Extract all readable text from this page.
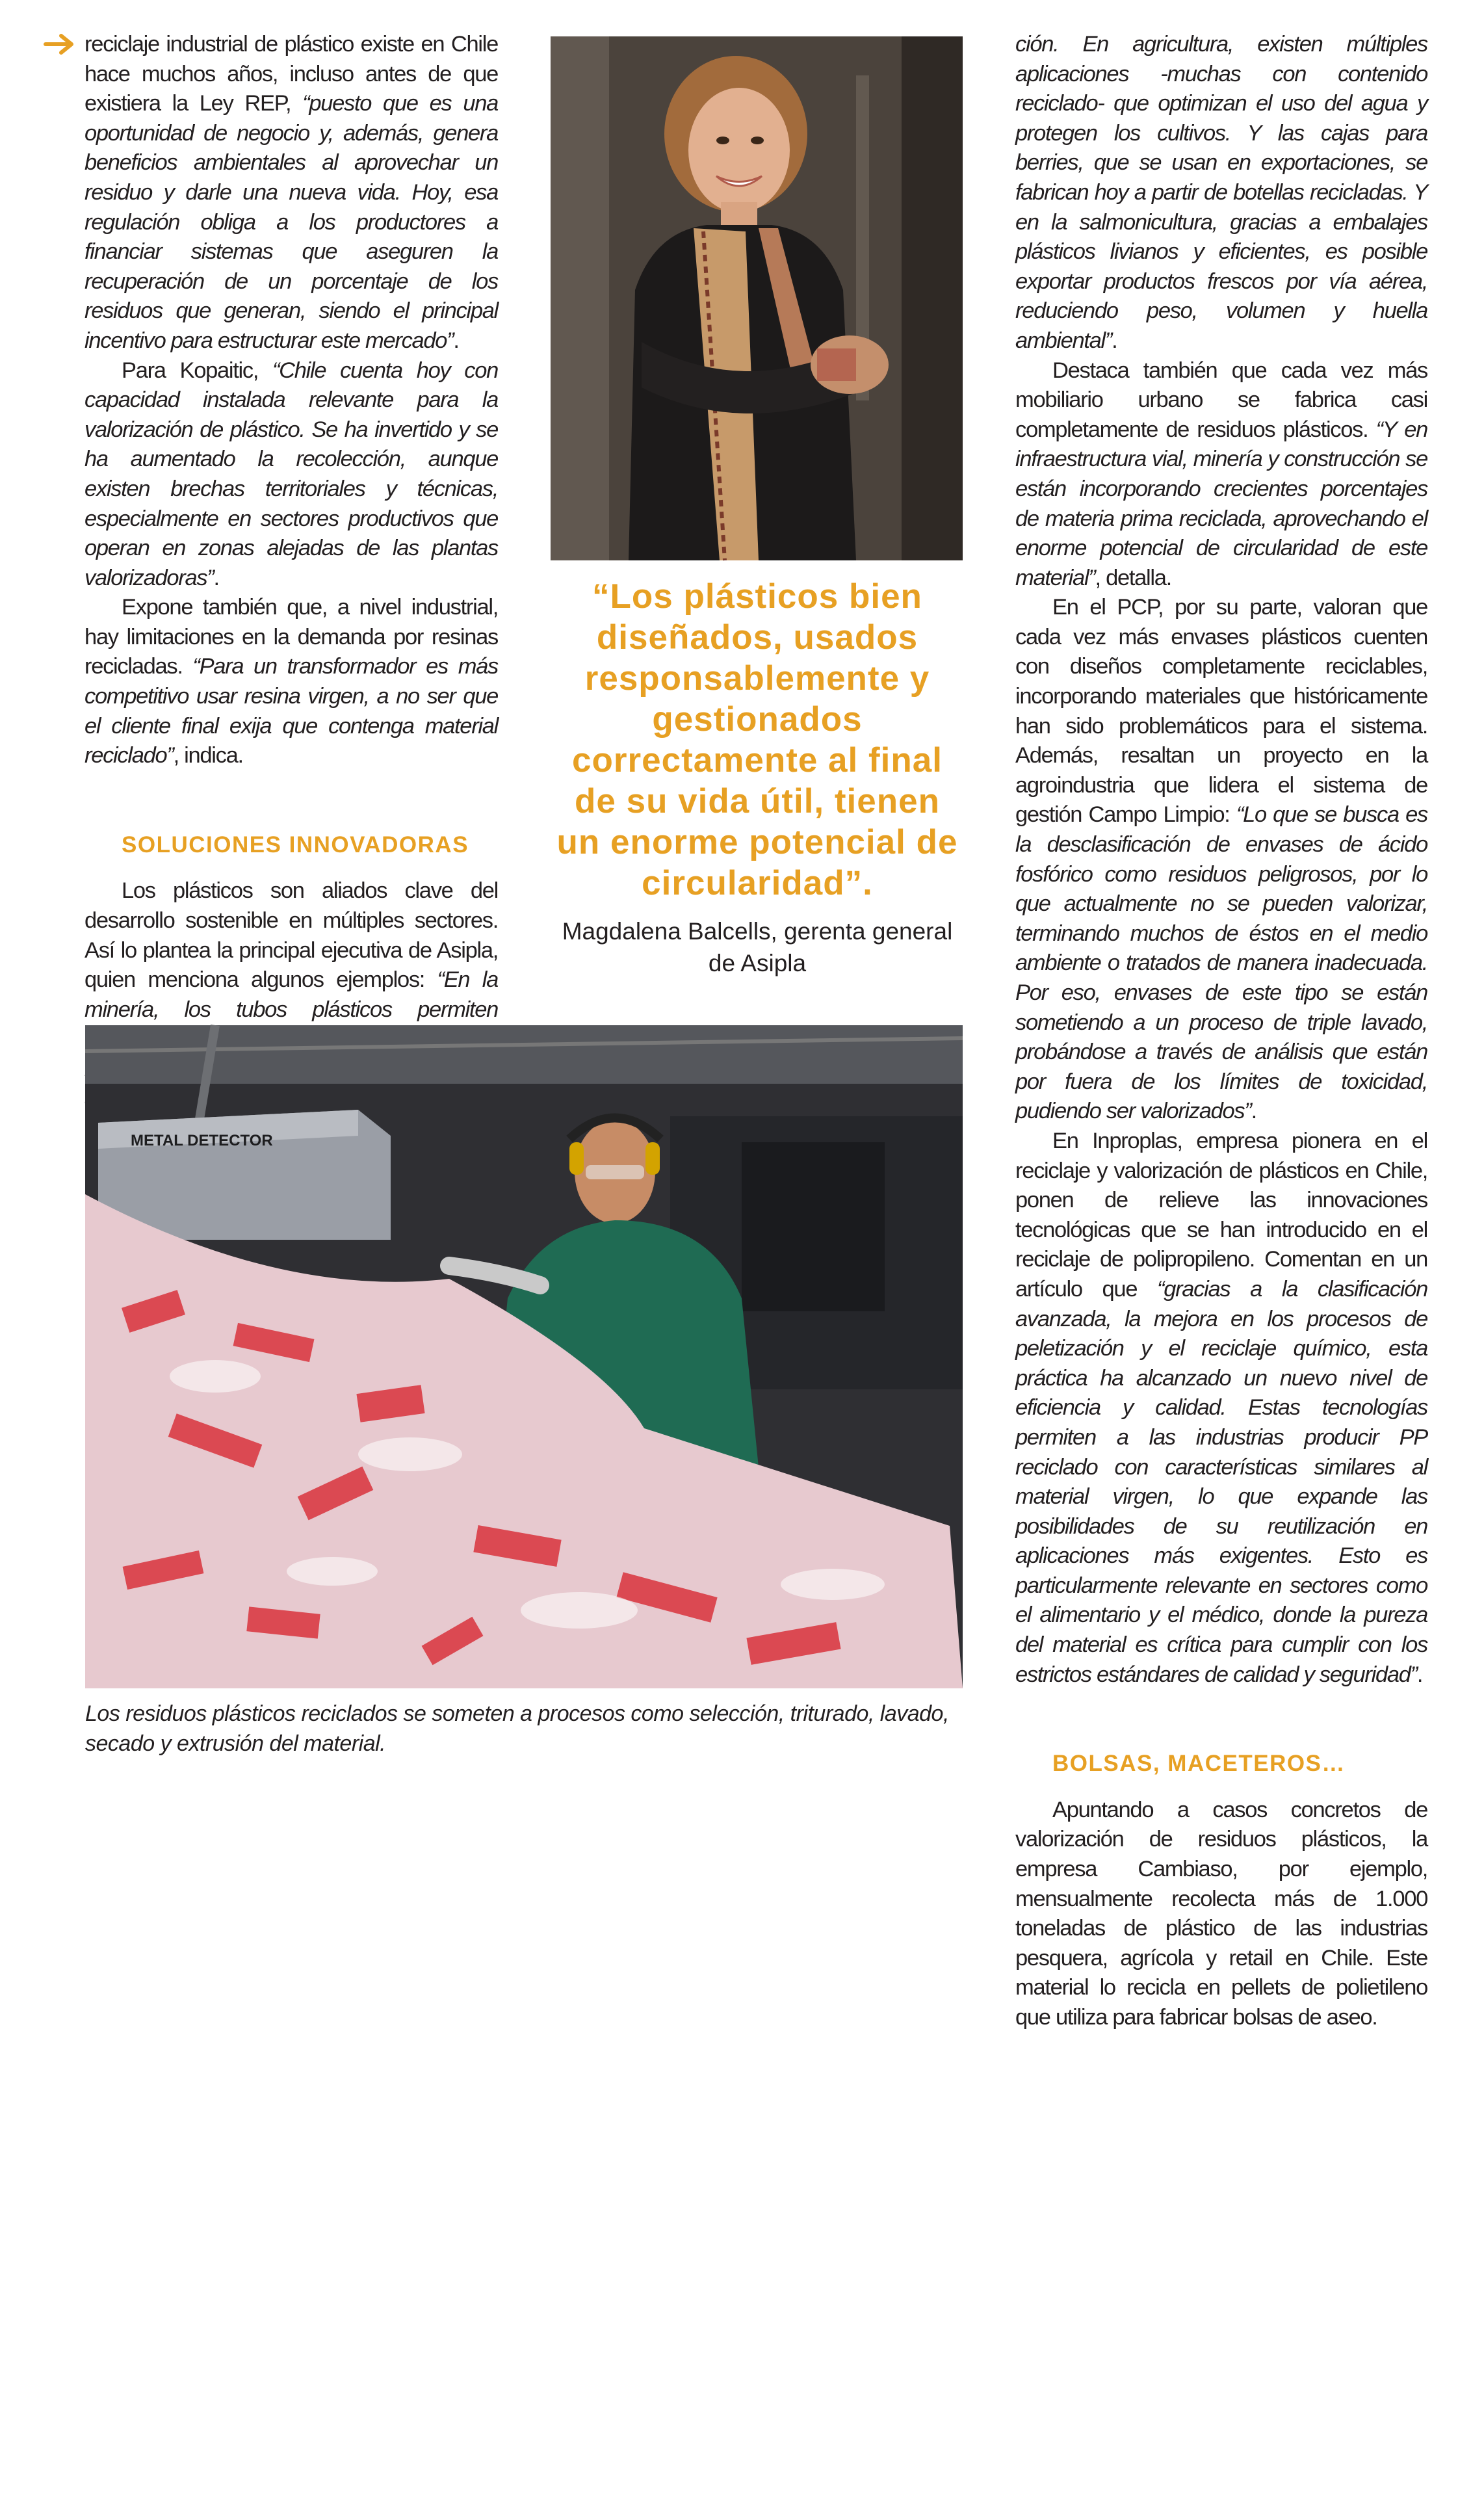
reciclaje industrial de plástico existe en Chile hace muchos años, incluso antes de que existiera la Ley REP, “puesto que es una oportunidad de negocio y, además, genera beneficios ambientales al aprovechar un residuo y darle una nueva vida. Hoy, esa regulación obliga a los productores a financiar sistemas que aseguren la recuperación de un porcentaje de los residuos que generan, siendo el principal incentivo para estructurar este mercado”.

Para Kopaitic, “Chile cuenta hoy con capacidad instalada relevante para la valorización de plástico. Se ha invertido y se ha aumentado la recolección, aunque existen brechas territoriales y técnicas, especialmente en sectores productivos que operan en zonas alejadas de las plantas valorizadoras”.

Expone también que, a nivel industrial, hay limitaciones en la demanda por resinas recicladas. “Para un transformador es más competitivo usar resina virgen, a no ser que el cliente final exija que contenga material reciclado”, indica.

SOLUCIONES INNOVADORAS

Los plásticos son aliados clave del desarrollo sostenible en múltiples sectores. Así lo plantea la principal ejecutiva de Asipla, quien menciona algunos ejemplos: “En la minería, los tubos plásticos permiten

“Los plásticos bien diseñados, usados responsablemente y gestionados correctamente al final de su vida útil, tienen un enorme potencial de circularidad”.
Magdalena Balcells, gerenta general de Asipla

ción. En agricultura, existen múltiples aplicaciones -muchas con contenido reciclado- que optimizan el uso del agua y protegen los cultivos. Y las cajas para berries, que se usan en exportaciones, se fabrican hoy a partir de botellas recicladas. Y en la salmonicultura, gracias a embalajes plásticos livianos y eficientes, es posible exportar productos frescos por vía aérea, reduciendo peso, volumen y huella ambiental”.

Destaca también que cada vez más mobiliario urbano se fabrica casi completamente de residuos plásticos. “Y en infraestructura vial, minería y construcción se están incorporando crecientes porcentajes de materia prima reciclada, aprovechando el enorme potencial de circularidad de este material”, detalla.

En el PCP, por su parte, valoran que cada vez más envases plásticos cuenten con diseños completamente reciclables, incorporando materiales que históricamente han sido problemáticos para el sistema. Además, resaltan un proyecto en la agroindustria que lidera el sistema de gestión Campo Limpio: “Lo que se busca es la desclasificación de envases de ácido fosfórico como residuos peligrosos, por lo que actualmente no se pueden valorizar, terminando muchos de éstos en el medio ambiente o tratados de manera inadecuada. Por eso, envases de este tipo se están sometiendo a un proceso de triple lavado, probándose a través de análisis que están por fuera de los límites de toxicidad, pudiendo ser valorizados”.

En Inproplas, empresa pionera en el reciclaje y valorización de plásticos en Chile, ponen de relieve las innovaciones tecnológicas que se han introducido en el reciclaje de polipropileno. Comentan en un artículo que “gracias a la clasificación avanzada, la mejora en los procesos de peletización y el reciclaje químico, esta práctica ha alcanzado un nuevo nivel de eficiencia y calidad. Estas tecnologías permiten a las industrias producir PP reciclado con características similares al material virgen, lo que expande las posibilidades de su reutilización en aplicaciones más exigentes. Esto es particularmente relevante en sectores como el alimentario y el médico, donde la pureza del material es crítica para cumplir con los estrictos estándares de calidad y seguridad”.

BOLSAS, MACETEROS…

Apuntando a casos concretos de valorización de residuos plásticos, la empresa Cambiaso, por ejemplo, mensualmente recolecta más de 1.000 toneladas de plástico de las industrias pesquera, agrícola y retail en Chile. Este material lo recicla en pellets de polietileno que utiliza para fabricar bolsas de aseo.

METAL DETECTOR
Foto: Comberplast
Los residuos plásticos reciclados se someten a procesos como selección, triturado, lavado, secado y extrusión del material.
